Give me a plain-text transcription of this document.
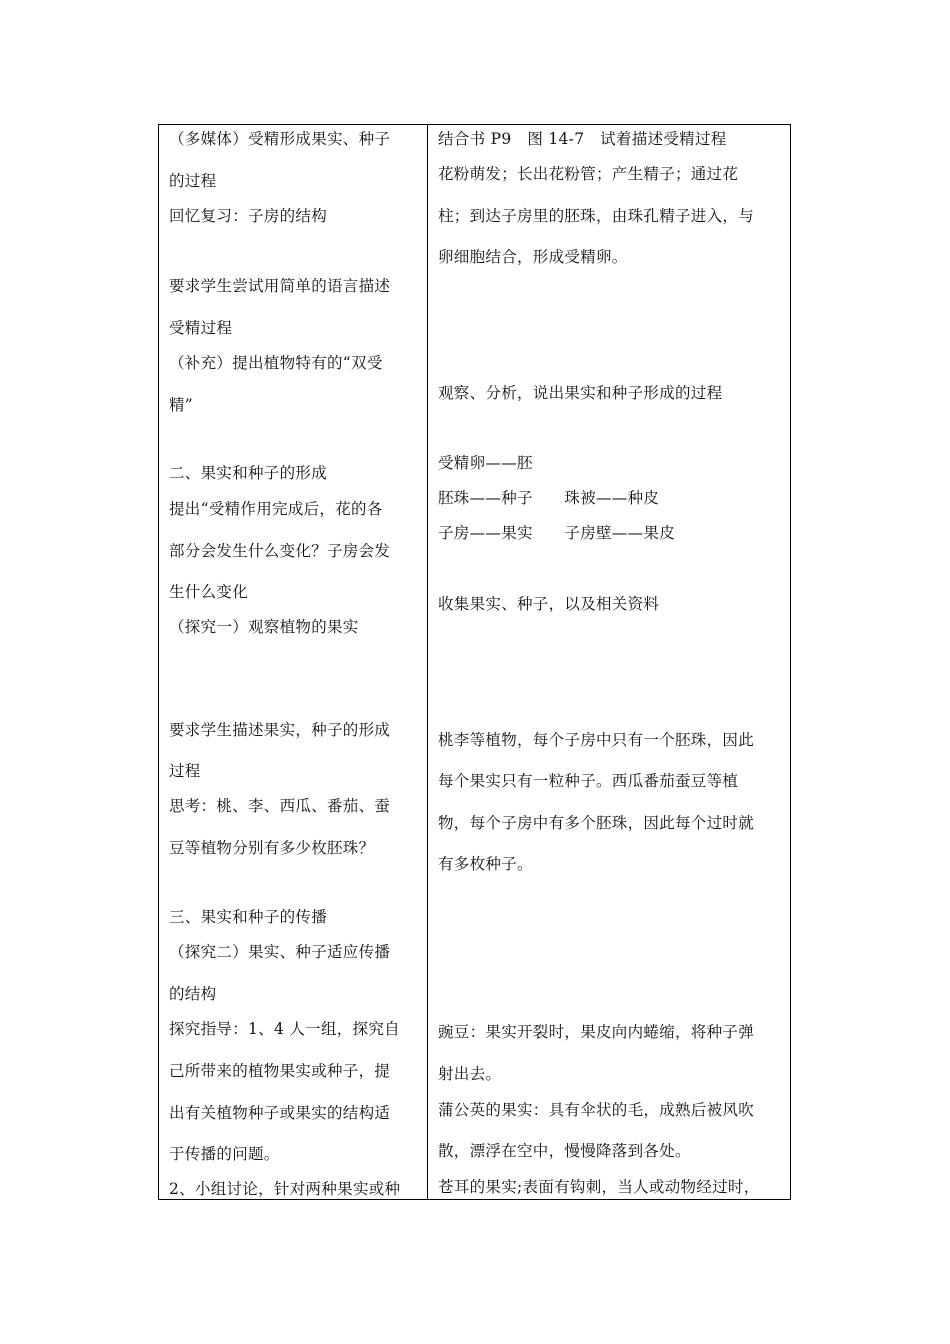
（多媒体）受精形成果实、种子
的过程
回忆复习：子房的结构
要求学生尝试用简单的语言描述
受精过程
（补充）提出植物特有的“双受
精”
二、果实和种子的形成
提出“受精作用完成后，花的各
部分会发生什么变化？子房会发
生什么变化
（探究一）观察植物的果实
要求学生描述果实，种子的形成
过程
思考：桃、李、西瓜、番茄、蚕
豆等植物分别有多少枚胚珠？
三、果实和种子的传播
（探究二）果实、种子适应传播
的结构
探究指导：1、4 人一组，探究自
己所带来的植物果实或种子，提
出有关植物种子或果实的结构适
于传播的问题。
2、小组讨论，针对两种果实或种
结合书 P9　图 14-7　试着描述受精过程
花粉萌发；长出花粉管；产生精子；通过花
柱；到达子房里的胚珠，由珠孔精子进入，与
卵细胞结合，形成受精卵。
观察、分析，说出果实和种子形成的过程
受精卵——胚
胚珠——种子　　珠被——种皮
子房——果实　　子房壁——果皮
收集果实、种子，以及相关资料
桃李等植物，每个子房中只有一个胚珠，因此
每个果实只有一粒种子。西瓜番茄蚕豆等植
物，每个子房中有多个胚珠，因此每个过时就
有多枚种子。
豌豆：果实开裂时，果皮向内蜷缩，将种子弹
射出去。
蒲公英的果实：具有伞状的毛，成熟后被风吹
散，漂浮在空中，慢慢降落到各处。
苍耳的果实;表面有钩刺，当人或动物经过时，
